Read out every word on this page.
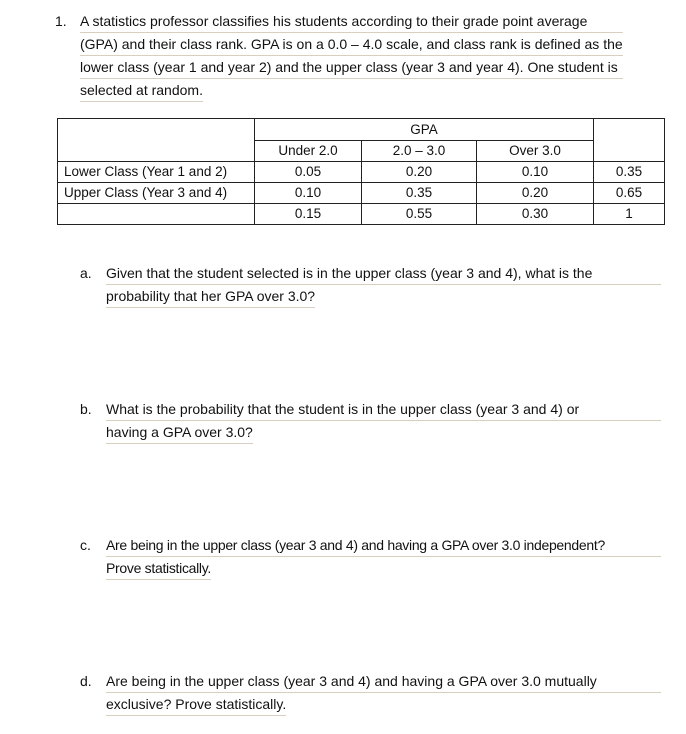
1. A statistics professor classifies his students according to their grade point average
(GPA) and their class rank. GPA is on a 0.0 – 4.0 scale, and class rank is defined as the
lower class (year 1 and year 2) and the upper class (year 3 and year 4). One student is
selected at random.
	GPA			
	Under 2.0	2.0 – 3.0	Over 3.0	
Lower Class (Year 1 and 2)	0.05	0.20	0.10	0.35
Upper Class (Year 3 and 4)	0.10	0.35	0.20	0.65
	0.15	0.55	0.30	1
a. Given that the student selected is in the upper class (year 3 and 4), what is the
probability that her GPA over 3.0?
b. What is the probability that the student is in the upper class (year 3 and 4) or
having a GPA over 3.0?
c. Are being in the upper class (year 3 and 4) and having a GPA over 3.0 independent?
Prove statistically.
d. Are being in the upper class (year 3 and 4) and having a GPA over 3.0 mutually
exclusive? Prove statistically.
